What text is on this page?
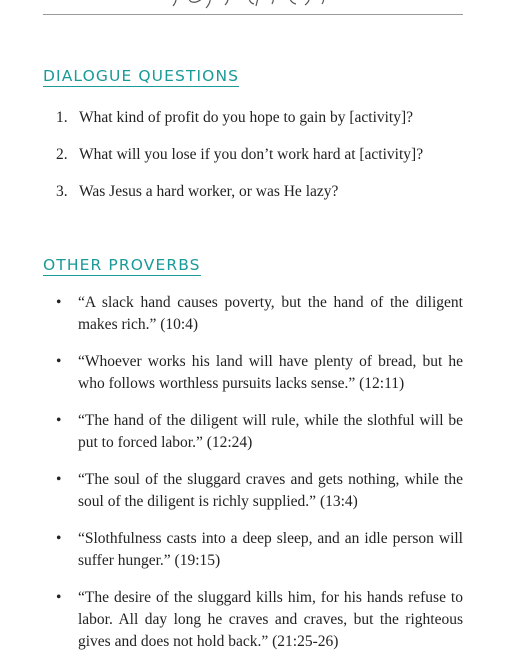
DIALOGUE QUESTIONS
1. What kind of profit do you hope to gain by [activity]?
2. What will you lose if you don’t work hard at [activity]?
3. Was Jesus a hard worker, or was He lazy?
OTHER PROVERBS
•	“A slack hand causes poverty, but the hand of the diligent makes rich.” (10:4)
•	“Whoever works his land will have plenty of bread, but he who follows worthless pursuits lacks sense.” (12:11)
•	“The hand of the diligent will rule, while the slothful will be put to forced labor.” (12:24)
•	“The soul of the sluggard craves and gets nothing, while the soul of the diligent is richly supplied.” (13:4)
•	“Slothfulness casts into a deep sleep, and an idle person will suffer hunger.” (19:15)
•	“The desire of the sluggard kills him, for his hands refuse to labor. All day long he craves and craves, but the righteous gives and does not hold back.” (21:25-26)
